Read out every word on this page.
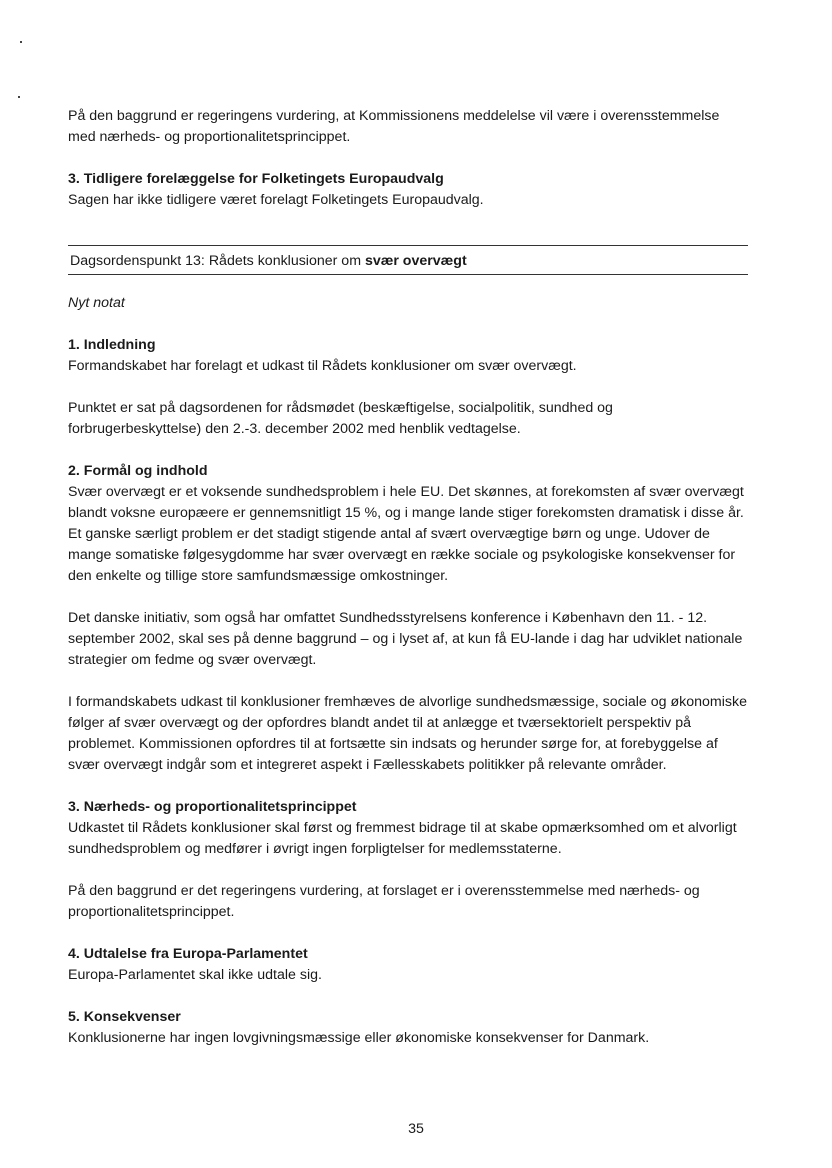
På den baggrund er regeringens vurdering, at Kommissionens meddelelse vil være i overensstemmelse med nærheds- og proportionalitetsprincippet.

3. Tidligere forelæggelse for Folketingets Europaudvalg

Sagen har ikke tidligere været forelagt Folketingets Europaudvalg.

Dagsordenspunkt 13: Rådets konklusioner om svær overvægt

Nyt notat

1. Indledning

Formandskabet har forelagt et udkast til Rådets konklusioner om svær overvægt.

Punktet er sat på dagsordenen for rådsmødet (beskæftigelse, socialpolitik, sundhed og forbrugerbeskyttelse) den 2.-3. december 2002 med henblik vedtagelse.

2. Formål og indhold

Svær overvægt er et voksende sundhedsproblem i hele EU. Det skønnes, at forekomsten af svær overvægt blandt voksne europæere er gennemsnitligt 15 %, og i mange lande stiger forekomsten dramatisk i disse år. Et ganske særligt problem er det stadigt stigende antal af svært overvægtige børn og unge. Udover de mange somatiske følgesygdomme har svær overvægt en række sociale og psykologiske konsekvenser for den enkelte og tillige store samfundsmæssige omkostninger.

Det danske initiativ, som også har omfattet Sundhedsstyrelsens konference i København den 11. - 12. september 2002, skal ses på denne baggrund – og i lyset af, at kun få EU-lande i dag har udviklet nationale strategier om fedme og svær overvægt.

I formandskabets udkast til konklusioner fremhæves de alvorlige sundhedsmæssige, sociale og økonomiske følger af svær overvægt og der opfordres blandt andet til at anlægge et tværsektorielt perspektiv på problemet. Kommissionen opfordres til at fortsætte sin indsats og herunder sørge for, at forebyggelse af svær overvægt indgår som et integreret aspekt i Fællesskabets politikker på relevante områder.

3. Nærheds- og proportionalitetsprincippet

Udkastet til Rådets konklusioner skal først og fremmest bidrage til at skabe opmærksomhed om et alvorligt sundhedsproblem og medfører i øvrigt ingen forpligtelser for medlemsstaterne.

På den baggrund er det regeringens vurdering, at forslaget er i overensstemmelse med nærheds- og proportionalitetsprincippet.

4. Udtalelse fra Europa-Parlamentet

Europa-Parlamentet skal ikke udtale sig.

5. Konsekvenser

Konklusionerne har ingen lovgivningsmæssige eller økonomiske konsekvenser for Danmark.

35
